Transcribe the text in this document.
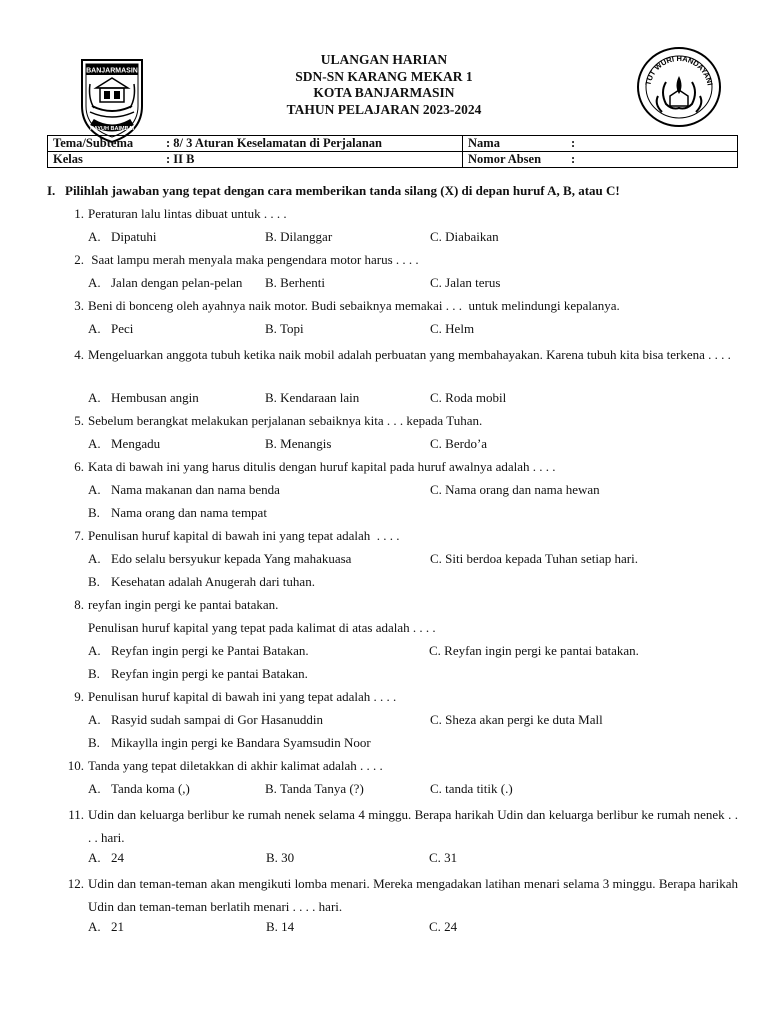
ULANGAN HARIAN
SDN-SN KARANG MEKAR 1
KOTA BANJARMASIN
TAHUN PELAJARAN 2023-2024
BANJARMASIN
KAYUH BAIMBAI
TUT WURI HANDAYANI
Tema/Subtema : 8/ 3 Aturan Keselamatan di Perjalanan	Nama :
Kelas : II B	Nomor Absen :
I. Pilihlah jawaban yang tepat dengan cara memberikan tanda silang (X) di depan huruf A, B, atau C!
1. Peraturan lalu lintas dibuat untuk . . . .
A. Dipatuhi	B. Dilanggar	C. Diabaikan
2. Saat lampu merah menyala maka pengendara motor harus . . . .
A. Jalan dengan pelan-pelan B. Berhenti	C. Jalan terus
3. Beni di bonceng oleh ayahnya naik motor. Budi sebaiknya memakai . . .  untuk melindungi kepalanya.
A. Peci	B. Topi	C. Helm
4. Mengeluarkan anggota tubuh ketika naik mobil adalah perbuatan yang membahayakan. Karena tubuh kita bisa terkena . . . .
A. Hembusan angin	B. Kendaraan lain	C. Roda mobil
5. Sebelum berangkat melakukan perjalanan sebaiknya kita . . . kepada Tuhan.
A. Mengadu	B. Menangis	C. Berdo’a
6. Kata di bawah ini yang harus ditulis dengan huruf kapital pada huruf awalnya adalah . . . .
A. Nama makanan dan nama benda	C. Nama orang dan nama hewan
B. Nama orang dan nama tempat
7. Penulisan huruf kapital di bawah ini yang tepat adalah  . . . .
A. Edo selalu bersyukur kepada Yang mahakuasa	C. Siti berdoa kepada Tuhan setiap hari.
B. Kesehatan adalah Anugerah dari tuhan.
8. reyfan ingin pergi ke pantai batakan.
Penulisan huruf kapital yang tepat pada kalimat di atas adalah . . . .
A. Reyfan ingin pergi ke Pantai Batakan.	C. Reyfan ingin pergi ke pantai batakan.
B. Reyfan ingin pergi ke pantai Batakan.
9. Penulisan huruf kapital di bawah ini yang tepat adalah . . . .
A. Rasyid sudah sampai di Gor Hasanuddin	C. Sheza akan pergi ke duta Mall
B. Mikaylla ingin pergi ke Bandara Syamsudin Noor
10. Tanda yang tepat diletakkan di akhir kalimat adalah . . . .
A. Tanda koma (,)	B. Tanda Tanya (?)	C. tanda titik (.)
11. Udin dan keluarga berlibur ke rumah nenek selama 4 minggu. Berapa harikah Udin dan keluarga berlibur ke rumah nenek . . . . hari.
A. 24	B. 30	C. 31
12. Udin dan teman-teman akan mengikuti lomba menari. Mereka mengadakan latihan menari selama 3 minggu. Berapa harikah Udin dan teman-teman berlatih menari . . . . hari.
A. 21	B. 14	C. 24
